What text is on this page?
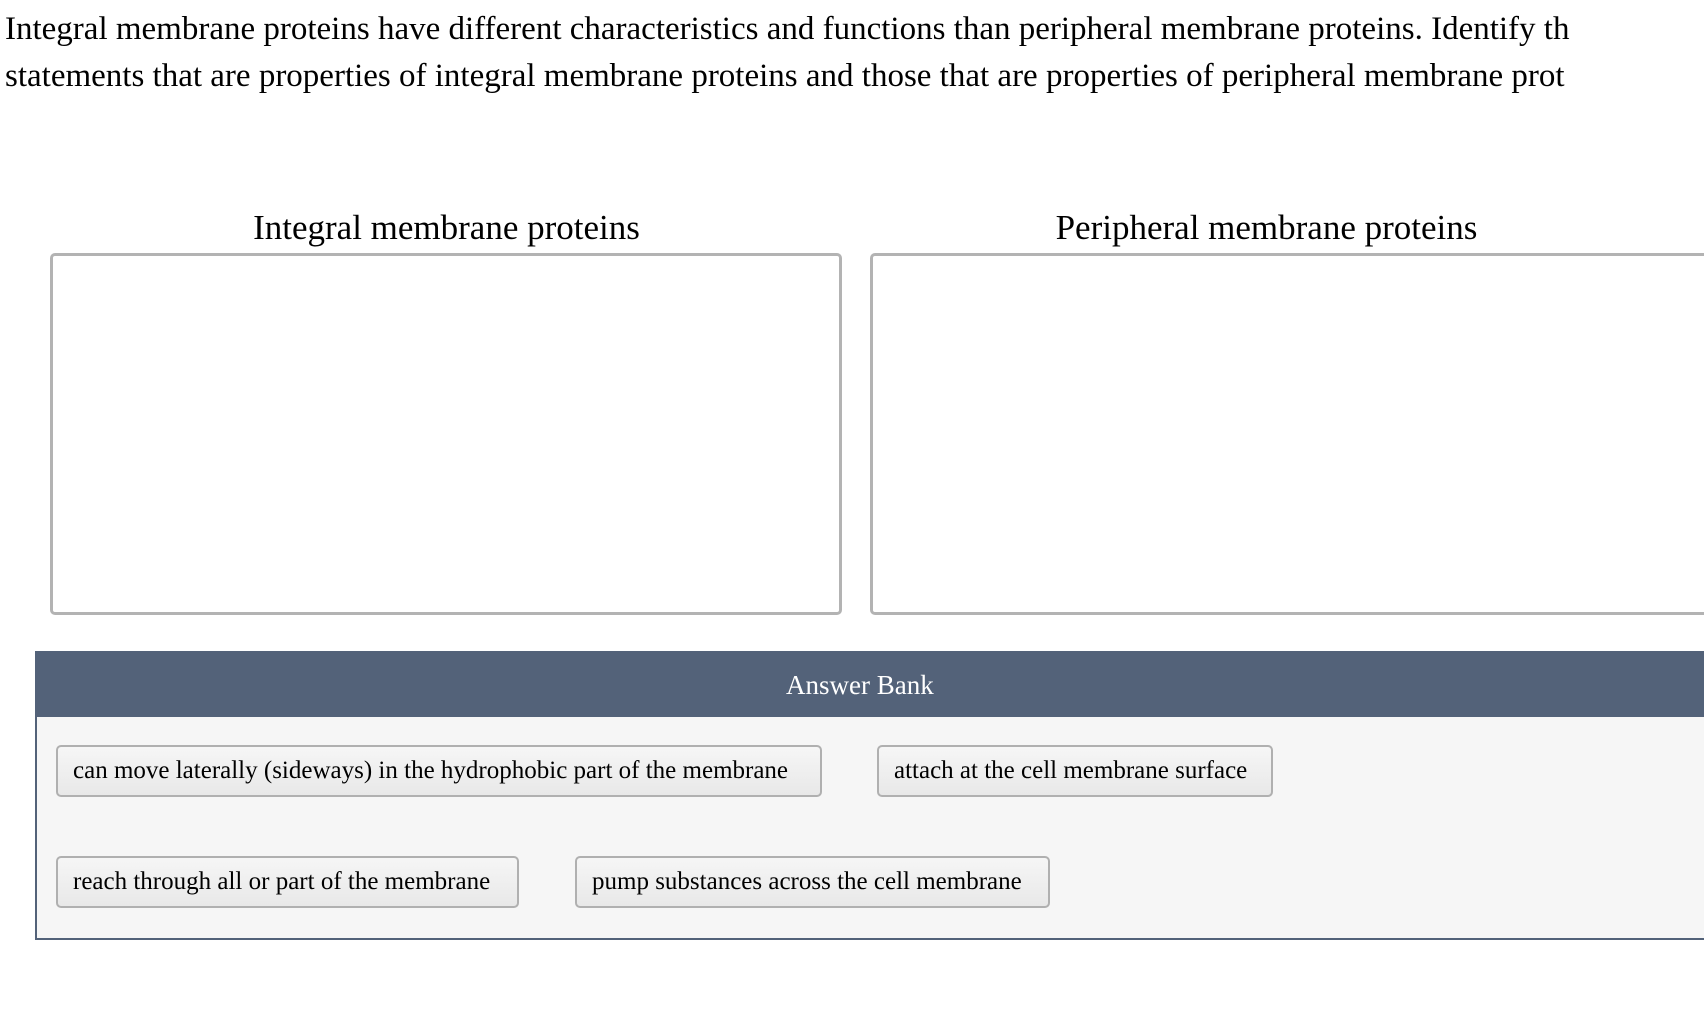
Integral membrane proteins have different characteristics and functions than peripheral membrane proteins. Identify th
statements that are properties of integral membrane proteins and those that are properties of peripheral membrane prot
Integral membrane proteins	Peripheral membrane proteins
Answer Bank
can move laterally (sideways) in the hydrophobic part of the membrane	attach at the cell membrane surface
reach through all or part of the membrane	pump substances across the cell membrane
